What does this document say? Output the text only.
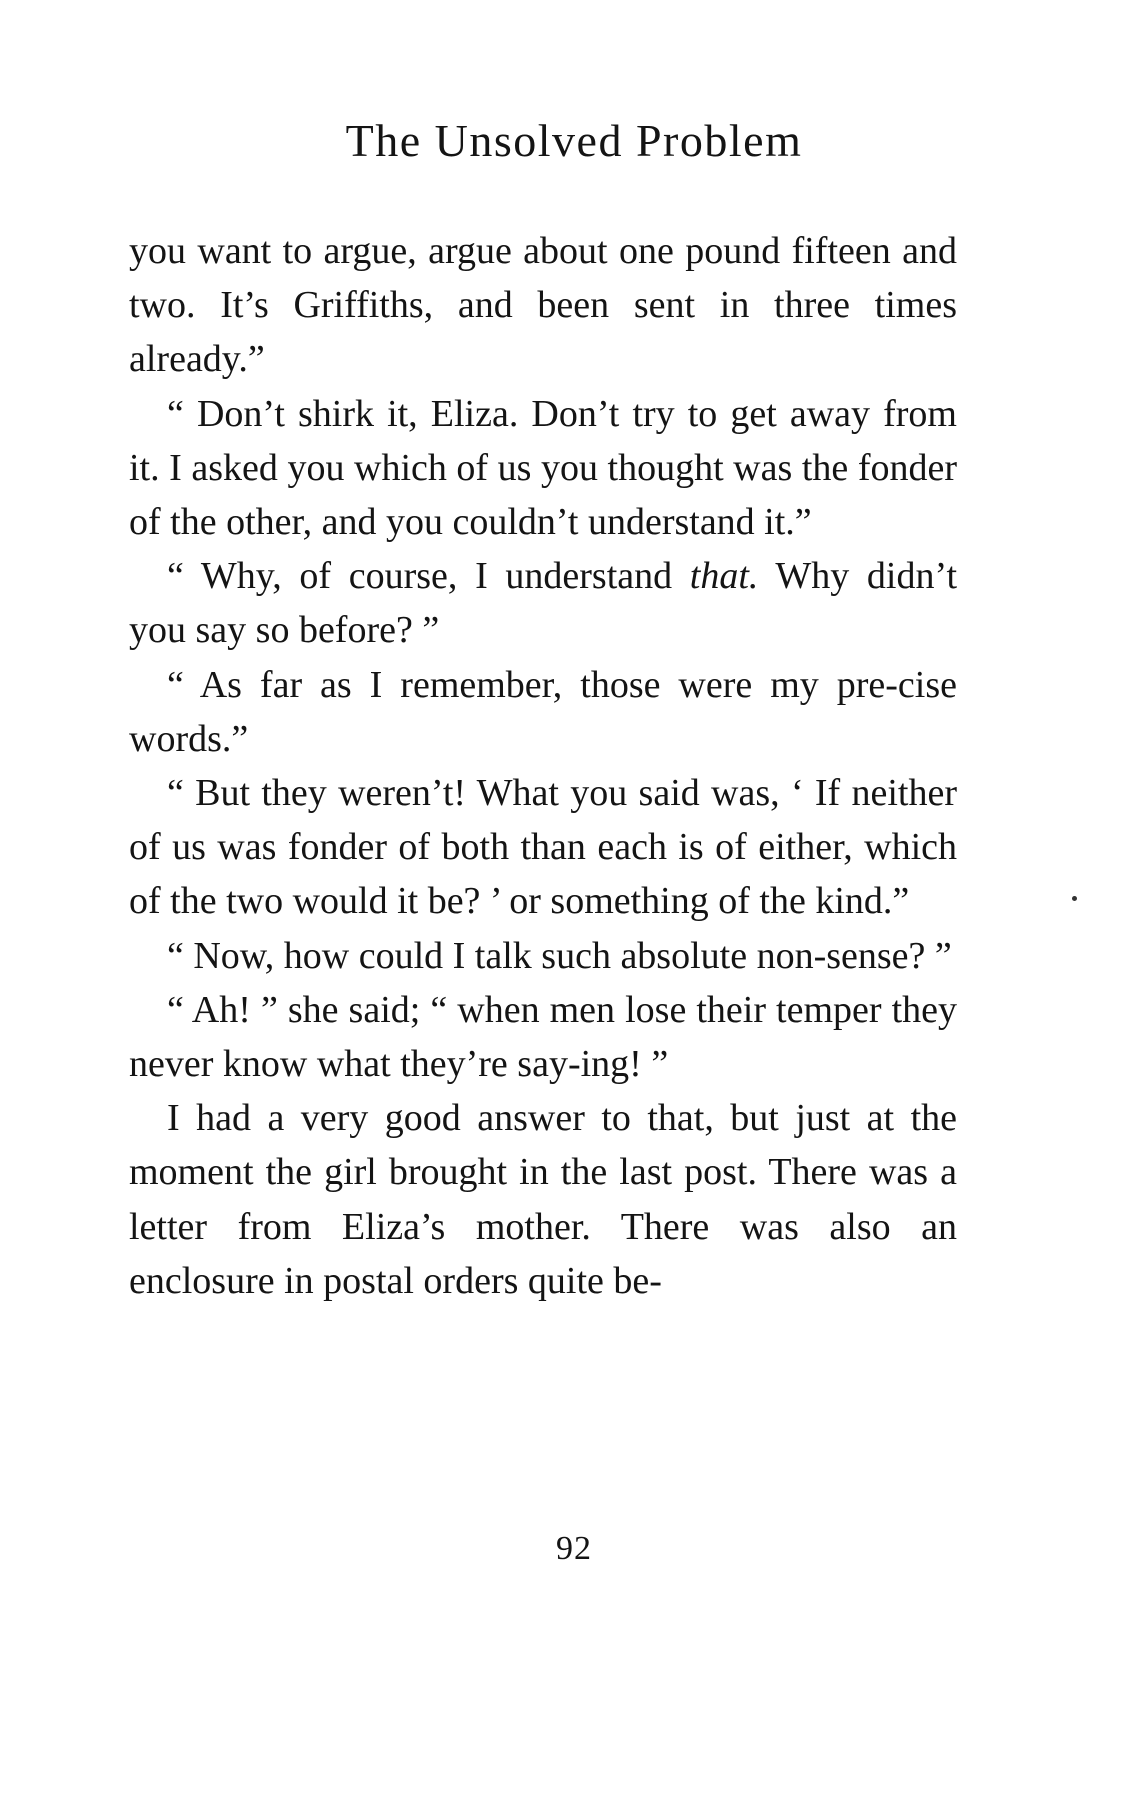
The Unsolved Problem

you want to argue, argue about one pound fifteen and two. It’s Griffiths, and been sent in three times already.”

“ Don’t shirk it, Eliza. Don’t try to get away from it. I asked you which of us you thought was the fonder of the other, and you couldn’t understand it.”

“ Why, of course, I understand that. Why didn’t you say so before? ”

“ As far as I remember, those were my pre-cise words.”

“ But they weren’t! What you said was, ‘ If neither of us was fonder of both than each is of either, which of the two would it be? ’ or something of the kind.”

“ Now, how could I talk such absolute non-sense? ”

“ Ah! ” she said; “ when men lose their temper they never know what they’re say-ing! ”

I had a very good answer to that, but just at the moment the girl brought in the last post. There was a letter from Eliza’s mother. There was also an enclosure in postal orders quite be-

92
